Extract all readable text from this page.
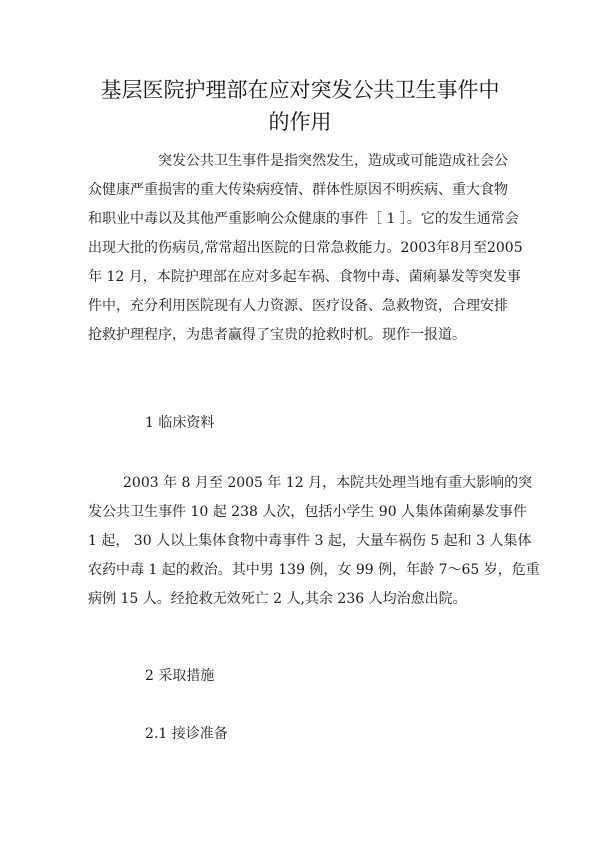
基层医院护理部在应对突发公共卫生事件中
的作用
突发公共卫生事件是指突然发生，造成或可能造成社会公
众健康严重损害的重大传染病疫情、群体性原因不明疾病、重大食物
和职业中毒以及其他严重影响公众健康的事件［ 1 ］。它的发生通常会
出现大批的伤病员,常常超出医院的日常急救能力。2003年8月至2005
年 12 月，本院护理部在应对多起车祸、食物中毒、菌痢暴发等突发事
件中，充分利用医院现有人力资源、医疗设备、急救物资，合理安排
抢救护理程序，为患者赢得了宝贵的抢救时机。现作一报道。
1 临床资料
2003 年 8 月至 2005 年 12 月，本院共处理当地有重大影响的突
发公共卫生事件 10 起 238 人次，包括小学生 90 人集体菌痢暴发事件
1 起， 30 人以上集体食物中毒事件 3 起，大量车祸伤 5 起和 3 人集体
农药中毒 1 起的救治。其中男 139 例，女 99 例，年龄 7～65 岁，危重
病例 15 人。经抢救无效死亡 2 人,其余 236 人均治愈出院。
2 采取措施
2.1 接诊准备
